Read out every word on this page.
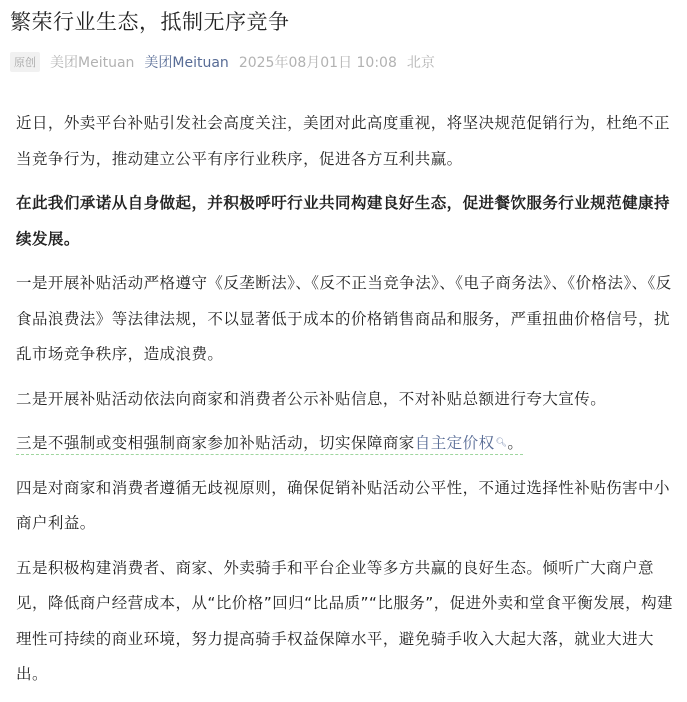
繁荣行业生态，抵制无序竞争
原创 美团Meituan 美团Meituan 2025年08月01日 10:08 北京

近日，外卖平台补贴引发社会高度关注，美团对此高度重视，将坚决规范促销行为，杜绝不正当竞争行为，推动建立公平有序行业秩序，促进各方互利共赢。

在此我们承诺从自身做起，并积极呼吁行业共同构建良好生态，促进餐饮服务行业规范健康持续发展。

一是开展补贴活动严格遵守《反垄断法》、《反不正当竞争法》、《电子商务法》、《价格法》、《反食品浪费法》等法律法规，不以显著低于成本的价格销售商品和服务，严重扭曲价格信号，扰乱市场竞争秩序，造成浪费。

二是开展补贴活动依法向商家和消费者公示补贴信息，不对补贴总额进行夸大宣传。

三是不强制或变相强制商家参加补贴活动，切实保障商家自主定价权🔍︎。

四是对商家和消费者遵循无歧视原则，确保促销补贴活动公平性，不通过选择性补贴伤害中小商户利益。

五是积极构建消费者、商家、外卖骑手和平台企业等多方共赢的良好生态。倾听广大商户意见，降低商户经营成本，从“比价格”回归“比品质”“比服务”，促进外卖和堂食平衡发展，构建理性可持续的商业环境，努力提高骑手权益保障水平，避免骑手收入大起大落，就业大进大出。
